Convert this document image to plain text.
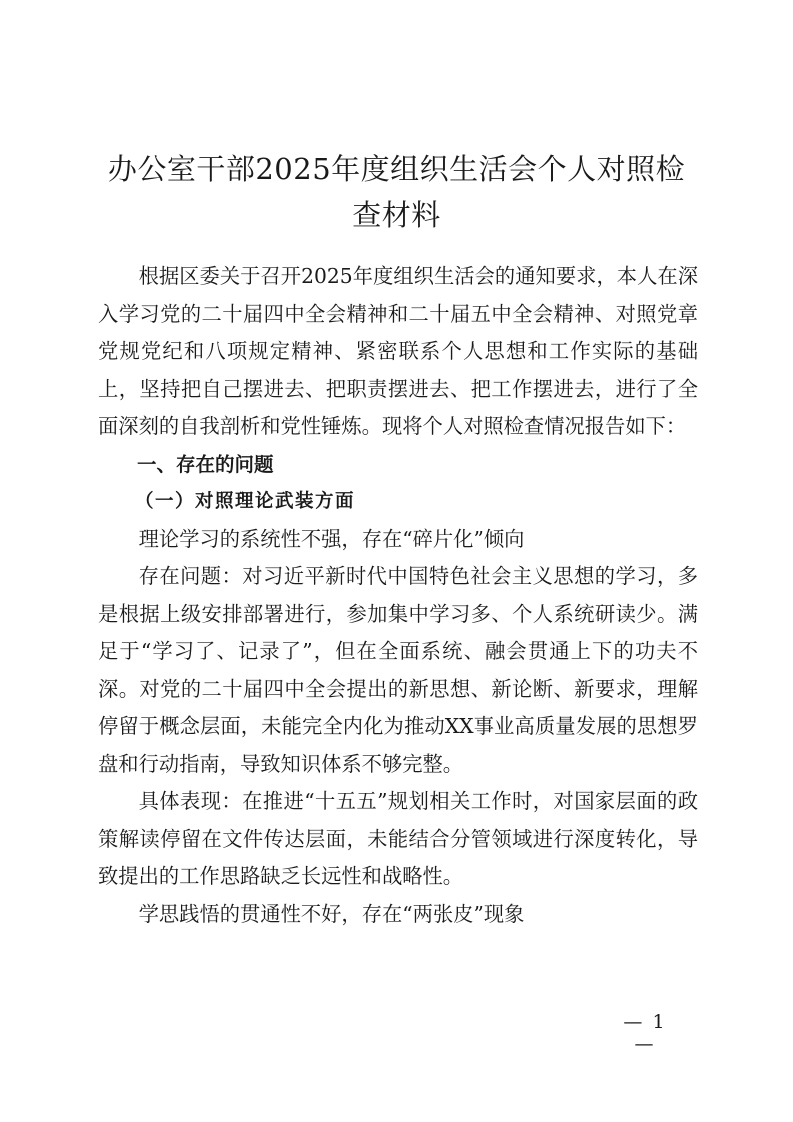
办公室干部2025年度组织生活会个人对照检查材料

根据区委关于召开2025年度组织生活会的通知要求，本人在深入学习党的二十届四中全会精神和二十届五中全会精神、对照党章党规党纪和八项规定精神、紧密联系个人思想和工作实际的基础上，坚持把自己摆进去、把职责摆进去、把工作摆进去，进行了全面深刻的自我剖析和党性锤炼。现将个人对照检查情况报告如下：

一、存在的问题

（一）对照理论武装方面

理论学习的系统性不强，存在“碎片化”倾向

存在问题：对习近平新时代中国特色社会主义思想的学习，多是根据上级安排部署进行，参加集中学习多、个人系统研读少。满足于“学习了、记录了”，但在全面系统、融会贯通上下的功夫不深。对党的二十届四中全会提出的新思想、新论断、新要求，理解停留于概念层面，未能完全内化为推动XX事业高质量发展的思想罗盘和行动指南，导致知识体系不够完整。

具体表现：在推进“十五五”规划相关工作时，对国家层面的政策解读停留在文件传达层面，未能结合分管领域进行深度转化，导致提出的工作思路缺乏长远性和战略性。

学思践悟的贯通性不好，存在“两张皮”现象

— 1 —
